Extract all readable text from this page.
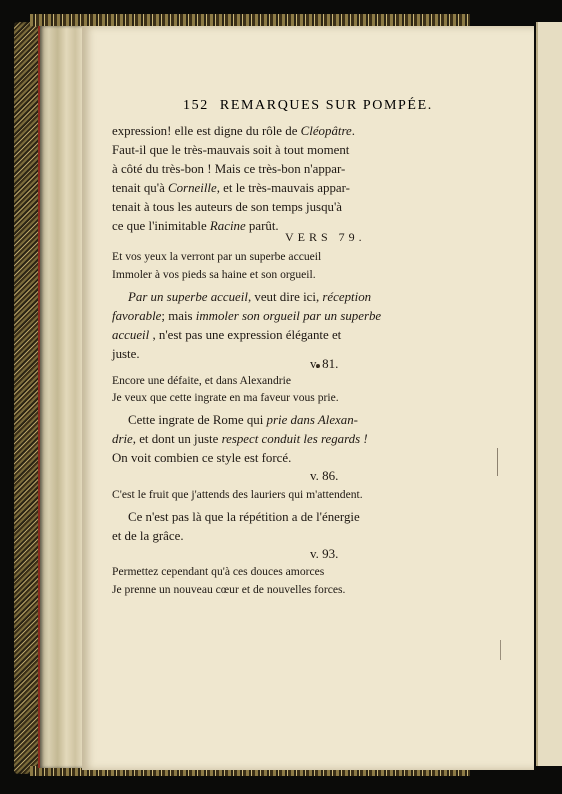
152 REMARQUES SUR POMPÉE.
expression! elle est digne du rôle de Cléopâtre.
Faut-il que le très-mauvais soit à tout moment
à côté du très-bon ! Mais ce très-bon n'appar-
tenait qu'à Corneille, et le très-mauvais appar-
tenait à tous les auteurs de son temps jusqu'à
ce que l'inimitable Racine parût.
VERS 79.
Et vos yeux la verront par un superbe accueil
Immoler à vos pieds sa haine et son orgueil.
Par un superbe accueil, veut dire ici, réception
favorable; mais immoler son orgueil par un superbe
accueil , n'est pas une expression élégante et
juste.
v. 81.
Encore une défaite, et dans Alexandrie
Je veux que cette ingrate en ma faveur vous prie.
Cette ingrate de Rome qui prie dans Alexan-
drie, et dont un juste respect conduit les regards !
On voit combien ce style est forcé.
v. 86.
C'est le fruit que j'attends des lauriers qui m'attendent.
Ce n'est pas là que la répétition a de l'énergie
et de la grâce.
v. 93.
Permettez cependant qu'à ces douces amorces
Je prenne un nouveau cœur et de nouvelles forces.
